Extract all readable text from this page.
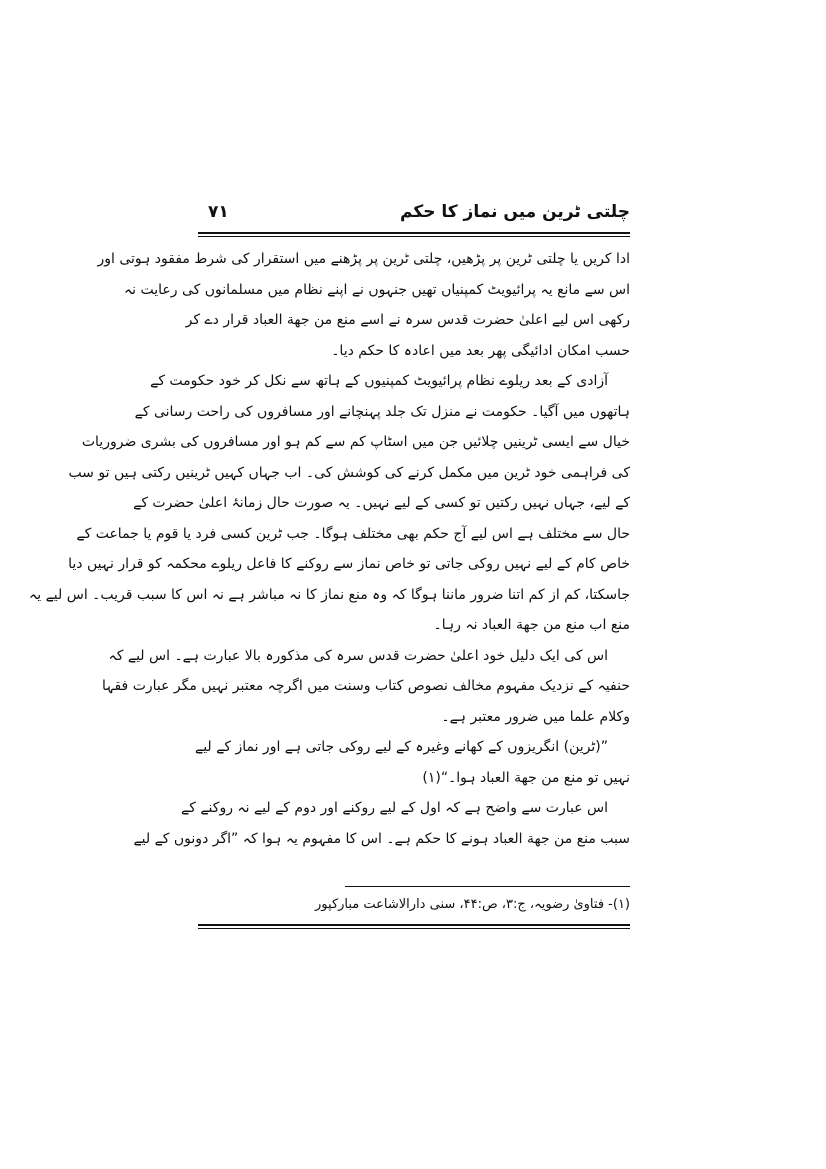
چلتی ٹرین میں نماز کا حکم
۷۱
ادا کریں یا چلتی ٹرین پر پڑھیں، چلتی ٹرین پر پڑھنے میں استقرار کی شرط مفقود ہوتی اور
اس سے مانع یہ پرائیویٹ کمپنیاں تھیں جنہوں نے اپنے نظام میں مسلمانوں کی رعایت نہ
رکھی اس لیے اعلیٰ حضرت قدس سرہ نے اسے منع من جھة العباد قرار دے کر
حسب امکان ادائیگی پھر بعد میں اعادہ کا حکم دیا۔
آزادی کے بعد ریلوے نظام پرائیویٹ کمپنیوں کے ہاتھ سے نکل کر خود حکومت کے
ہاتھوں میں آگیا۔ حکومت نے منزل تک جلد پہنچانے اور مسافروں کی راحت رسانی کے
خیال سے ایسی ٹرینیں چلائیں جن میں اسٹاپ کم سے کم ہو اور مسافروں کی بشری ضروریات
کی فراہمی خود ٹرین میں مکمل کرنے کی کوشش کی۔ اب جہاں کہیں ٹرینیں رکتی ہیں تو سب
کے لیے، جہاں نہیں رکتیں تو کسی کے لیے نہیں۔ یہ صورت حال زمانۂ اعلیٰ حضرت کے
حال سے مختلف ہے اس لیے آج حکم بھی مختلف ہوگا۔ جب ٹرین کسی فرد یا قوم یا جماعت کے
خاص کام کے لیے نہیں روکی جاتی تو خاص نماز سے روکنے کا فاعل ریلوے محکمہ کو قرار نہیں دیا
جاسکتا، کم از کم اتنا ضرور ماننا ہوگا کہ وہ منع نماز کا نہ مباشر ہے نہ اس کا سبب قریب۔ اس لیے یہ
منع اب منع من جھة العباد نہ رہا۔
اس کی ایک دلیل خود اعلیٰ حضرت قدس سرہ کی مذکورہ بالا عبارت ہے۔ اس لیے کہ
حنفیہ کے نزدیک مفہوم مخالف نصوص کتاب وسنت میں اگرچہ معتبر نہیں مگر عبارت فقہا
وکلام علما میں ضرور معتبر ہے۔
”(ٹرین) انگریزوں کے کھانے وغیرہ کے لیے روکی جاتی ہے اور نماز کے لیے
نہیں تو منع من جھة العباد ہوا۔“(۱)
اس عبارت سے واضح ہے کہ اول کے لیے روکنے اور دوم کے لیے نہ روکنے کے
سبب منع من جھة العباد ہونے کا حکم ہے۔ اس کا مفہوم یہ ہوا کہ ”اگر دونوں کے لیے
(۱)- فتاویٰ رضویہ، ج:۳، ص:۴۴، سنی دارالاشاعت مبارکپور
